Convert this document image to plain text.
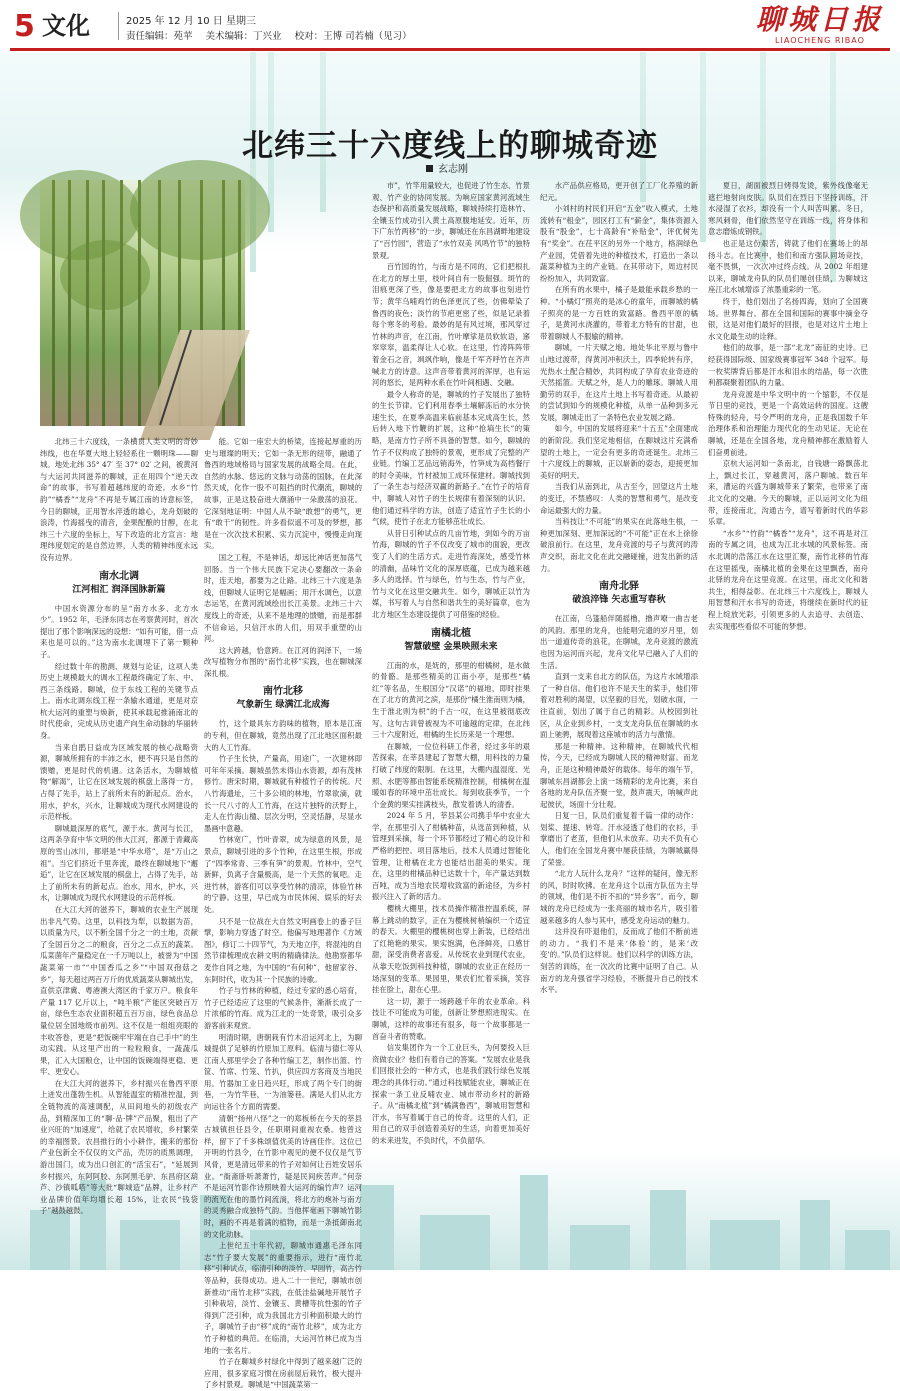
5 文化	2025 年 12 月 10 日 星期三
责任编辑：苑苹 美术编辑：丁兴业 校对：王博 司若楠（见习）
聊城日报
LIAOCHENG RIBAO
北纬三十六度线上的聊城奇迹
玄志刚

北纬三十六度线，一条横贯人类文明的奇妙纬线，也在华夏大地上轻轻系住一颗明珠——聊城。地处北纬 35° 47′ 至 37° 02′ 之间，被黄河与大运河共同滋养的聊城，正在用四个“逆天改命”的故事，书写着超越纬度的奇迹。水乡“竹韵”“橘香”“龙舟”不再是专属江南的诗意标签，今日的聊城，正用智水淬透的雄心，龙舟划破的浪涛，竹海摇曳的清音，金果配酿的甘醇，在北纬三十六度的坐标上，写下改造的北方宣言：地理纬度划定的是自然边界，人类的精神纬度永远没有边界。

南水北调
江河相汇 润泽国脉新篇

中国水资源分布的呈“南方水多、北方水少”。1952 年，毛泽东同志在考察黄河时，首次提出了那个影响深远的设想：“如有可能，借一点来也是可以的。”这为南水北调埋下了第一颗种子。

经过数十年的勘测、规划与论证，这项人类历史上规模最大的调水工程最终确定了东、中、西三条线路。聊城，位于东线工程的关键节点上。南水北调东线工程一条输水通道，更是对京杭大运河的重塑与焕新，使其承载起推涌南北的时代使命，完成从历史遗产向生命动脉的华丽转身。

当来自鹃日益成为区域发展的核心战略资源，聊城所拥有的丰沛之水，便不再只是自然的馈赠，更是时代的机遇。这条活水，为聊城植物“解渴”，让它在区域发展的棋盘上落得一方，占得了先手，站上了前所未有的新起点。治水，用水，护水，兴水，让聊城成为现代水网建设的示范样板。

聊城最深厚的底气，源于水。黄河与长江，这两条孕育中华文明的伟大江河，都源于青藏高原的雪山冰川，都堪是“中华水塔”，是“万山之祖”。当它们挤近千里奔流，最终在聊城地下“邂逅”，让它在区域发展的棋盘上，占得了先手，站上了前所未有的新起点。治水，用水，护水，兴水，让聊城成为现代水网建设的示范样板。

在大江大河的滋养下，聊城的农业生产展现出非凡气势。这里，以科技为犁，以数据为苗，以质量为尺，以不断全国千分之一的土地，贡献了全国百分之二的粮食，百分之二点五的蔬菜。瓜菜菌年产量稳定在一千万吨以上，被誉为“中国蔬菜第一市”“中国香瓜之乡”“中国双孢菇之乡”，每天超过两百万斤的优质蔬菜从聊城出发，直供京津冀、粤港澳大湾区的千家万户。粮食年产量 117 亿斤以上，“吨半粮”产能区突破百万亩，绿色生态农业面积超五百万亩，绿色食品总量位居全国地级市前列。这不仅是一组组亮眼的丰收答卷，更是“把饭碗牢牢端在自己手中”的生动实践。从这里产出的一粒粒粮食，一蔬蔬瓜果，汇入大国粮仓，让中国的饭碗端得更稳、更牢、更安心。

在大江大河的滋养下，乡村振兴在鲁西平原上迸发出蓬勃生机。从智能温室的精准控温，到全链物流的高速调配，从田间地头的初级农产品，到精深加工的“聊·品·牌”产品聚，粗出了产业兴旺的“加速度”，给就了农民增收，乡村繁荣的幸福图景。农昌推行的小小耕作，搬来的那份产业包新全不仅仅的文产品，壳厉的质黑调理，游出国门，成为出口创汇的“活宝石”，“延展到乡村振兴，东阿阿胶、东阿黑毛驴、东昌府区葫芦、沙镇呱嗒”等大批“聊城造”品牌，让乡村产业品牌价值年均增长超 15%，让农民“钱袋子”越鼓越鼓。

能。它如一座宏大的桥梁，连接起厚重的历史与璀璨的明天；它如一条无形的纽带，融通了鲁西的地域格局与国家发展的战略全局。在此，自然的水脉、悠远的文脉与动荡的国脉，在此深然天成，化作一股不可阻挡的时代潮流，聊城的故事，正是这股奋进大潮涌中一朵激荡的浪花。它深刻地证明：中国人从不缺“敢想”的勇气，更有“敢干”的韧性。许多看似遥不可及的梦想，都是在一次次技术积累、实力沉淀中，慢慢走向现实。

国之工程，不是神话，却远比神话更加荡气回肠。当一个伟大民族下定决心要翻改一条命时，连天地，都要为之让路。北纬三十六度是条线，但聊城人证明它是幅画；用汗水调色，以意志运笔，在黄河流域绘出长江美景。北纬三十六度线上的奇迹，从来不是地理的馈赠，而是那群不信命运，只信汗水的人们，用双手重塑的山河。

这大跨越，恰意跨。在江河的润泽下，一场改写植物分布图的“南竹北移”实践，也在聊城深深扎根。

南竹北移
气象新生 绿满江北成海

竹，这个最具东方韵味的植物，原本是江南的专利，但在聊城，竟然出现了江北地区面积最大的人工竹海。

竹子生长快，产量高，用途广，一次建林即可年年采摘。聊城虽然未得山水资源，却有茂林修竹。唐宋时期，聊城就有种植竹子的传统。尺八竹海遗址，三十多公顷的林地，竹翠欲滴，就长一尺八寸的人工竹海，在这片独特的沃野上，走人在竹海山楹、层次分明，空灵恬静，尽显水墨画中意趣。

竹林宽广，竹叶青翠，成为绿意的风景，是景点，聊城引进的多个竹种，在这里生根，形成了“四季常青、三季有笋”的景观。竹林中，空气新鲜，负离子含量极高，是一个天然的氧吧。走进竹林，游客们可以享受竹林的清凉，体验竹林的宁静。这里，早已成为市民休闲、娱乐的好去处。

只不是一位战在大自然文明画卷上的番子巨擘，影响力穿透了时空。他偏写地理著作《方域图》，修订二十四节气，为天地立序，将混沌的自然节律梳理成农耕文明的精确律法。他勘察都华麦作自同之地，为中国的“有何种”，他留家谷、东阿时代，收为其一个民族的诗歌。

竹子与竹林的种植，经过专家的悉心培育，竹子已经适应了这里的气候条件，渐渐长成了一片浓郁的竹海。成为江北的一处奇景，吸引众多游客前来观赏。

明清时期，唐朝栽有竹木沿运河北上，为聊城提供了足够的竹原加工原料。临清与德仁等从江南人那里学会了各种竹编工艺，制作出篮、竹筐、竹席、竹笼、竹扒，供应四方客商及当地民用。竹器加工业日趋兴旺，形成了两个专门的街巷，一为竹竿巷，一为油篓巷。满是人们从北方向运往各个方面的需要。

清朝“扬州八怪”之一的郑板桥在今天的莘县古城镇担任县令，任职期间重视农桑。他曾这样，留下了千多株颂值优美的诗画佳作。这位已开明的竹县令，在竹影中观见的便不仅仅是气节风骨，更是清远带来的竹子对如何让百姓安居乐业。“衙斋卧听萧萧竹，疑是民间疾苦声。”何奈不是运河竹影作诗照映着大运河的编竹声？运河的流光在他的墨竹间流淌，将北方的炮补与南方的灵秀融合成独特气韵。当他挥毫画下聊城竹影时，画的不再是着满的植物，而是一条抵御南北的文化动脉。

上世纪五十年代初，聊城市通惠毛泽东同志“竹子要大发展”的重要指示，进行“南竹北移”引种试点，临清引种的淡竹、早园竹，高古竹等品种，获得成功。进入二十一世纪，聊城市创新推动“南竹北移”实践，在低洼盐碱地开展竹子引种栽培，淡竹、金镶玉、黄槽等抗性强的竹子得到广泛引种，成为我国北方引种面积最大的竹子，聊城竹子由“移”成的“南竹北移”，成为北方竹子种植的典范。在临清，大运河竹林已成为当地的一张名片。

竹子在聊城乡村绿化中得到了越来越广泛的应用，很多家庭习惯在房前屋后栽竹，极大提升了乡村景观。聊城是“中国蔬菜第一

市”，竹竿用量较大，也促进了竹生态、竹景观、竹产业的协同发展。为响应国家黄河流域生态保护和高质量发展战略，聊城持续打造林竹、全镶玉竹成功引入黄土高原腹地延安。近年，历下广东竹两移”的一步，聊城还在东昌湖畔地建设了“百竹园”，营造了“水竹双美 风鸣竹节”的独特景观。

百竹园的竹，与南方是不同的，它们把根扎在北方的厚土里，枝叶间自有一股倔强。斑竹的泪痕更深了些，像是要把北方的故事也刻进竹节；黄竿乌哺鸡竹的色泽更沉了些，仿佛晕染了鲁西的夜色；淡竹的节疤更密了些，似是记录着每个寒冬的考验。最妙的是有风过境，那风穿过竹林的声音，在江南，竹叶摩挲是员软软语，窸窣窣窣，温柔得让人心软。在这里，竹涛阵阵带着金石之音，飒飒作响，像是千军齐呼竹在齐声喊北方的诗意。这声音带着黄河的浑厚，也有运河的悠长，是两种水系在竹叶间相遇、交融。

最令人称奇的是，聊城的竹子发展出了独特的生长节律。它们利用春季土壤解冻后的水分快速生长，在夏季高温来临前基本完成高生长，然后转入地下竹鞭的扩展，这种“抢墒生长”的策略，是南方竹子所不具备的智慧。如今，聊城的竹子不仅构成了独特的景观，更形成了完整的产业链。竹编工艺品远销海外，竹笋成为高档餐厅的时令美味，竹材被加工成环保建材。聊城找到了一条生态与经济双赢的新路子。”在竹子的培育中，聊城人对竹子的生长规律有着深刻的认识。他们通过科学的方法，创造了适宜竹子生长的小气候，使竹子在北方能够茁壮成长。

从昔日引种试点的几亩竹地，到如今的万亩竹海，聊城的竹子不仅改变了城市的面貌，更改变了人们的生活方式。走进竹海深处，感受竹林的清幽，品味竹文化的深厚底蕴，已成为越来越多人的选择。竹与绿色，竹与生态，竹与产业，竹与文化在这里交融共生。如今，聊城正以竹为媒，书写着人与自然和谐共生的美好篇章，也为北方地区生态建设提供了可借鉴的经验。

南橘北植
智慧破壁 金果映照未来

江南的水，是妩的，那里的柑橘树，是水做的骨骼。是那些精美的江南小亭，是那些“橘红”等名品，生根国分“汉诺”的福地，即时挂果在了北方的黄河之滨，是那份“橘生淮南则为橘，生于淮北则为枳”的千古一叹，在这里被彻底改写。这句古训曾被视为不可逾越的定律，在北纬三十六度附近，柑橘的生长历来是一个理想。

在聊城，一位位科研工作者，经过多年的艰苦探索，在莘县建起了智慧大棚，用科技的力量打破了纬度的限制。在这里，大棚内温湿度、光照、水肥等都由智能系统精准控制，柑橘树在温暖如春的环境中茁壮成长。每到收获季节，一个个金黄的果实挂满枝头，散发着诱人的清香。

2024 年 5 月，莘县某公司携手华中农业大学，在那里引入了柑橘种苗，从选苗到种植，从管理到采摘，每一个环节都经过了精心的设计和严格的把控。项目落地后，技术人员通过智能化管理，让柑橘在北方也能结出甜美的果实。现在，这里的柑橘品种已达数十个，年产量达到数百吨，成为当地农民增收致富的新途径，为乡村振兴注入了新的活力。

樱桃大棚里，技术员操作精准控温系统，屏幕上跳动的数字，正在为樱桃树梢编织一个适宜的春天。大棚里的樱桃树也穿上新装，已经结出了红艳艳的果实。果实饱满，色泽鲜亮，口感甘甜，深受消费者喜爱。从传统农业到现代农业，从靠天吃饭到科技种植，聊城的农业正在经历一场深刻的变革。果园里，果农们忙着采摘，笑容挂在脸上，甜在心里。

这一切，源于一场跨越千年的农业革命。科技让不可能成为可能，创新让梦想照进现实。在聊城，这样的故事还有很多，每一个故事都是一首奋斗者的赞歌。

信发集团作为一个工业巨头，为何要投入巨资做农业？他们有着自己的答案。“发展农业是我们回报社会的一种方式，也是我们践行绿色发展理念的具体行动。”通过科技赋能农业，聊城正在探索一条工业反哺农业、城市带动乡村的新路子。从“南橘北植”到“橘满鲁西”，聊城用智慧和汗水，书写着属于自己的传奇。这里的人们，正用自己的双手创造着美好的生活，向着更加美好的未来进发，不负时代，不负韶华。

水产品供应格局，更开创了工厂化养殖的新纪元。

小刘村的村民们开启“五金”收入模式，土地流转有“租金”，园区打工有“薪金”，集体资源入股有“股金”，七十高龄有“补贴金”，评优树先有“奖金”。在茌平区的另外一个地方，格润绿色产业园，凭借着先进的种植技术，打造出一条以蔬菜种植为主的产业链。在其带动下，周边村民纷纷加入，共同致富。

在所有的水果中，橘子是最能承载乡愁的一种。“小橘灯”照亮的是冰心的童年，而聊城的橘子照亮的是一方百姓的致富路。鲁西平原的橘子，是黄河水浇灌的，带着北方特有的甘甜，也带着聊城人不服输的精神。

聊城，一片天赋之地。地处华北平原与鲁中山地过渡带，得黄河冲积沃土，四季轮转有序，光热水土配合精妙，共同构成了孕育农业奇迹的天然摇篮。天赋之外，是人力的雕琢。聊城人用勤劳的双手，在这片土地上书写着奇迹。从最初的尝试到如今的规模化种植，从单一品种到多元发展，聊城走出了一条特色农业发展之路。

如今，中国的发展将迎来“十五五”全面建成的新阶段。我们坚定地相信，在聊城这片充满希望的土地上，一定会有更多的奇迹诞生。北纬三十六度线上的聊城，正以崭新的姿态，迎接更加美好的明天。

当我们从南到北，从古至今，回望这片土地的变迁，不禁感叹：人类的智慧和勇气，是改变命运最强大的力量。

当科技让“不可能”的果实在此落地生根，一种更加深刻、更加深远的“不可能”正在水上徐徐破浪前行。在这里，龙舟竞渡的号子与黄河的涛声交织，南北文化在此交融碰撞，迸发出新的活力。

南舟北驿
破浪淬锋 矢志重写春秋

在江南，乌篷船伴随摇橹，撸声嘹一曲吉老的风韵。那里的龙舟，也能唱完遗的岁月里，划出一道道传奇的浪花，在聊城，龙舟竞渡的激流也因为运河而兴起，龙舟文化早已融入了人们的生活。

直到一支来自北方的队伍，为这片水域增添了一种自信。他们也许不是天生的桨手，他们带着对胜利的渴望，以坚毅的目光，划破水面，一往直前，划出了属于自己的精彩。从校园到社区，从企业到乡村，一支支龙舟队伍在聊城的水面上驰骋，展现着这座城市的活力与激情。

那是一种精神。这种精神，在聊城代代相传，今天，已经成为聊城人民的精神财富。而龙舟，正是这种精神最好的载体。每年的端午节，聊城东昌湖都会上演一场精彩的龙舟比赛，来自各地的龙舟队伍齐聚一堂，鼓声震天，呐喊声此起彼伏，场面十分壮观。

日复一日，队员们重复着千篇一律的动作：划桨、提速、转弯。汗水浸透了他们的衣衫，手掌磨出了老茧，但他们从未放弃。功夫不负有心人，他们在全国龙舟赛中屡获佳绩，为聊城赢得了荣誉。

“北方人玩什么龙舟？”这样的疑问，像无形的风，时时吹拂。在龙舟这个以南方队伍为主导的领域，他们是不折不扣的“异乡客”。而今，聊城的龙舟已经成为一张亮丽的城市名片，吸引着越来越多的人参与其中，感受龙舟运动的魅力。

这并没有吓退他们，反而成了他们不断前进的动力。“我们不是来‘体验’的，是来‘改变’的。”队员们这样说。他们以科学的训练方法，刻苦的训练，在一次次的比赛中证明了自己。从南方的龙舟强省学习经验，不断提升自己的技术水平。

夏日，湖面被烈日烤得发烫，紫外线像毫无遮拦地射向皮肤。队员们在烈日下坚持训练，汗水浸湿了衣衫，却没有一个人叫苦叫累。冬日，寒风刺骨，他们依然坚守在训练一线，将身体和意志磨炼成钢铁。

也正是这份艰苦，铸就了他们在赛场上的昂扬斗志。在比赛中，他们和南方强队同场竞技，毫不畏惧，一次次冲过终点线。从 2002 年组建以来，聊城龙舟队的队员们屡创佳绩，为聊城这座江北水城增添了浓墨重彩的一笔。

终于，他们划出了名扬四海，划向了全国赛场。世界舞台。都在全国和国际的赛事中摘金夺银，这是对他们最好的回报，也是对这片土地上水文化最生动的诠释。

他们的故事，是一部“北龙”南征的史诗。已经获得国际级、国家级赛事冠军 348 个冠军。每一枚奖牌背后都是汗水和泪水的结晶，每一次胜利都凝聚着团队的力量。

龙舟竞渡是中华文明中的一个缩影，不仅是节日里的竞技，更是一个高效运转的国度。这艘特殊的轻舟，号令严明的龙舟，正是我国数千年治理体系和治理能力现代化的生动见证。无论在聊城，还是在全国各地，龙舟精神都在激励着人们奋勇前进。

京杭大运河如一条南北，自钱塘一路飘荡北上，飘过长江，穿越黄河，落户聊城。数百年来，漕运的兴盛为聊城带来了繁荣，也带来了南北文化的交融。今天的聊城，正以运河文化为纽带，连接南北，沟通古今，谱写着新时代的华彩乐章。

“水乡”“竹韵”“橘香”“龙舟”，这不再是对江南的专属之词，也成为江北水城的风景标签。南水北调的浩荡江水在这里汇聚，南竹北移的竹海在这里摇曳，南橘北植的金果在这里飘香，南舟北驿的龙舟在这里竞渡。在这里，南北文化和谐共生，相得益彰。在北纬三十六度线上，聊城人用智慧和汗水书写的奇迹，将继续在新时代的征程上绽放光彩，引领更多的人去追寻、去创造、去实现那些看似不可能的梦想。
